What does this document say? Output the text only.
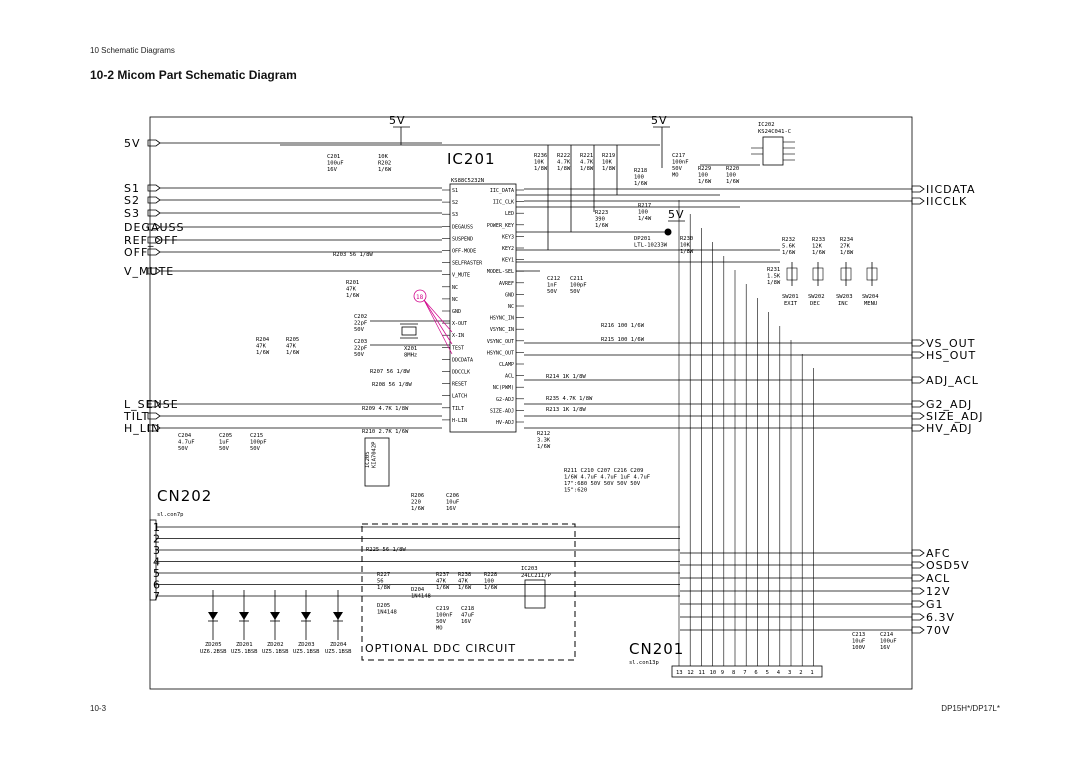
10 Schematic Diagrams
10-2 Micom Part Schematic Diagram
10-3	DP15H*/DP17L*
5V	5V
5V
IC201
KS88C5232N
S1
S2
S3
DEGAUSS
SUSPEND
OFF-MODE
SELFRASTER
V_MUTE
NC
NC
GND
X-OUT
X-IN
TEST
DDCDATA
DDCCLK
RESET
LATCH
TILT
H-LIN
IIC_DATA
IIC_CLK
LED
POWER_KEY
KEY3
KEY2
KEY1
MODEL-SEL
AVREF
GND
NC
HSYNC_IN
VSYNC_IN
VSYNC_OUT
HSYNC_OUT
CLAMP
ACL
NC(PWM)
G2-ADJ
SIZE-ADJ
HV-ADJ
5V
S1
S2
S3
DEGAUSS
REF_OFF
OFF
V_MUTE
L_SENSE
TILT
H_LIN
IICDATA
IICCLK
VS_OUT
HS_OUT
ADJ_ACL
G2_ADJ
SIZE_ADJ
HV_ADJ
AFC
OSD5V
ACL
12V
G1
6.3V
70V
IC202
KS24C041-C
C201 100uF 16V
10K R202 1/6W
R236 10K 1/8W
R222 4.7K 1/8W
R221 4.7K 1/8W
R219 10K 1/8W	R218 100 1/6W
C217 100nF 50V MO
R229 100 1/6W
R220 100 1/6W
R223 390 1/6W
R217 100 1/4W
DP201 LTL-10233W
R230 10K 1/8W
R232 5.6K 1/6W
R233 12K 1/6W
R234 27K 1/8W
R231 1.5K 1/8W
R203 56 1/8W
R201 47K 1/6W
C212 1nF 50V
C211 100pF 50V
C202 22pF 50V
C203 22pF 50V
X201 8MHz
R204 47K 1/6W
R205 47K 1/6W
R207 56 1/8W
R208 56 1/8W
R209 4.7K 1/8W
R210 2.7K 1/6W
R216 100 1/6W
R215 100 1/6W
R214 1K 1/8W
R235 4.7K 1/8W
R213 1K 1/8W
R212 3.3K 1/6W
C204 4.7uF 50V
C205 1uF 50V
C215 100pF 50V
IC205KIA7042P
R206 220 1/6W
C206 10uF 16V
R211 C210 C207 C216 C209 1/6W 4.7uF 4.7uF 1uF 4.7uF 17":680 50V 50V 50V 50V 15":620
R225 56 1/8W
R227 56 1/8W	D204 1N4148
D205 1N4148
R237 47K 1/6W
R238 47K 1/6W
R228 100 1/6W
C219 100nF 50V MO
C218 47uF 16V
C213 10uF 100V
C214 100uF 16V
SW201
EXIT
SW202
DEC
SW203
INC
SW204
MENU
18
CN202
sl.con7p
1
2
3
4
5
6
7
OPTIONAL DDC CIRCUIT
IC203
24LC21I/P
ZD205
UZ6.2BSB
ZD201
UZ5.1BSB
ZD202
UZ5.1BSB
ZD203
UZ5.1BSB
ZD204
UZ5.1BSB	CN201
sl.con13p
13 12 11 10 9 8 7 6 5 4 3 2 1
